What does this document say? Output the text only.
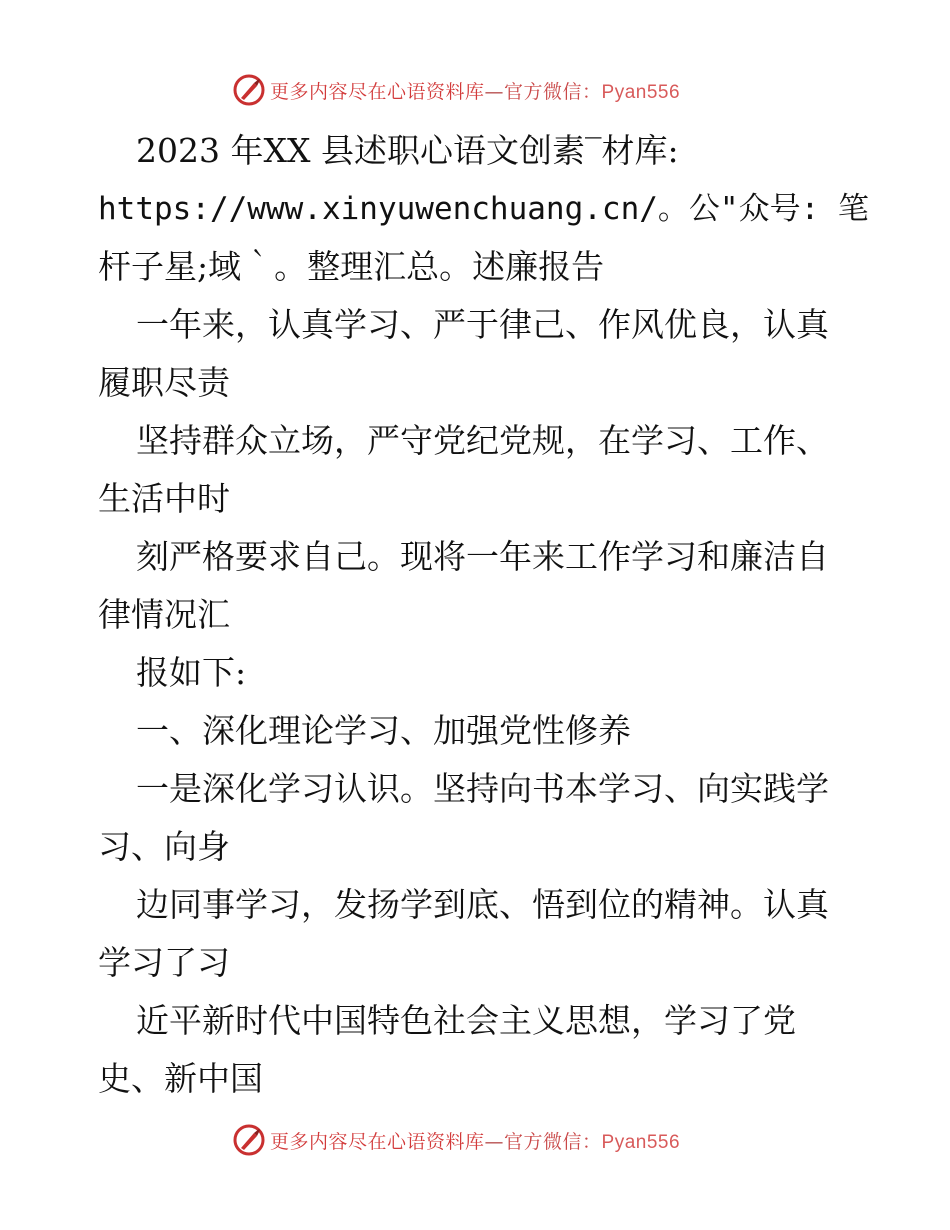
更多内容尽在心语资料库—官方微信：Pyan556
2023 年XX 县述职心语文创素‾材库:
https://www.xinyuwenchuang.cn/。公"众号: 笔
杆子星;域｀。整理汇总。述廉报告
一年来，认真学习、严于律己、作风优良，认真
履职尽责
坚持群众立场，严守党纪党规，在学习、工作、
生活中时
刻严格要求自己。现将一年来工作学习和廉洁自
律情况汇
报如下:
一、深化理论学习、加强党性修养
一是深化学习认识。坚持向书本学习、向实践学
习、向身
边同事学习，发扬学到底、悟到位的精神。认真
学习了习
近平新时代中国特色社会主义思想，学习了党
史、新中国
更多内容尽在心语资料库—官方微信：Pyan556
